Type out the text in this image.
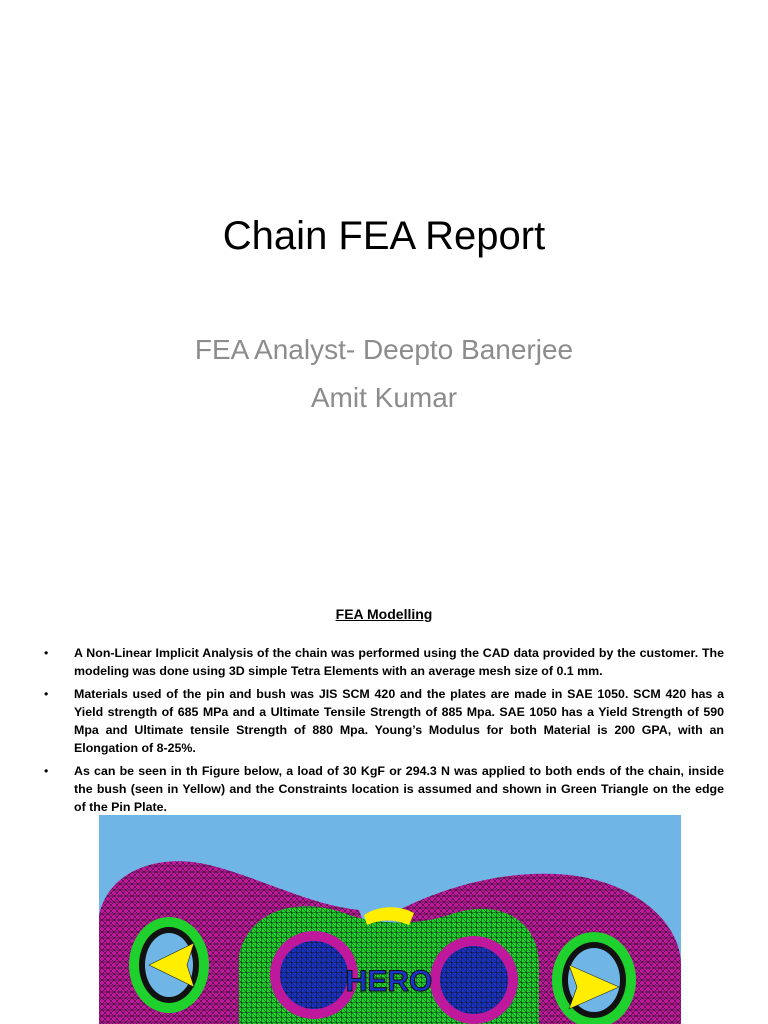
Chain FEA Report
FEA Analyst- Deepto Banerjee
Amit Kumar
FEA Modelling
• A Non-Linear Implicit Analysis of the chain was performed using the CAD data provided by the customer. The modeling was done using 3D simple Tetra Elements with an average mesh size of 0.1 mm.
• Materials used of the pin and bush was JIS SCM 420 and the plates are made in SAE 1050. SCM 420 has a Yield strength of 685 MPa and a Ultimate Tensile Strength of 885 Mpa. SAE 1050 has a Yield Strength of 590 Mpa and Ultimate tensile Strength of 880 Mpa. Young’s Modulus for both Material is 200 GPA, with an Elongation of 8-25%.
• As can be seen in th Figure below, a load of 30 KgF or 294.3 N was applied to both ends of the chain, inside the bush (seen in Yellow) and the Constraints location is assumed and shown in Green Triangle on the edge of the Pin Plate.
HERO
